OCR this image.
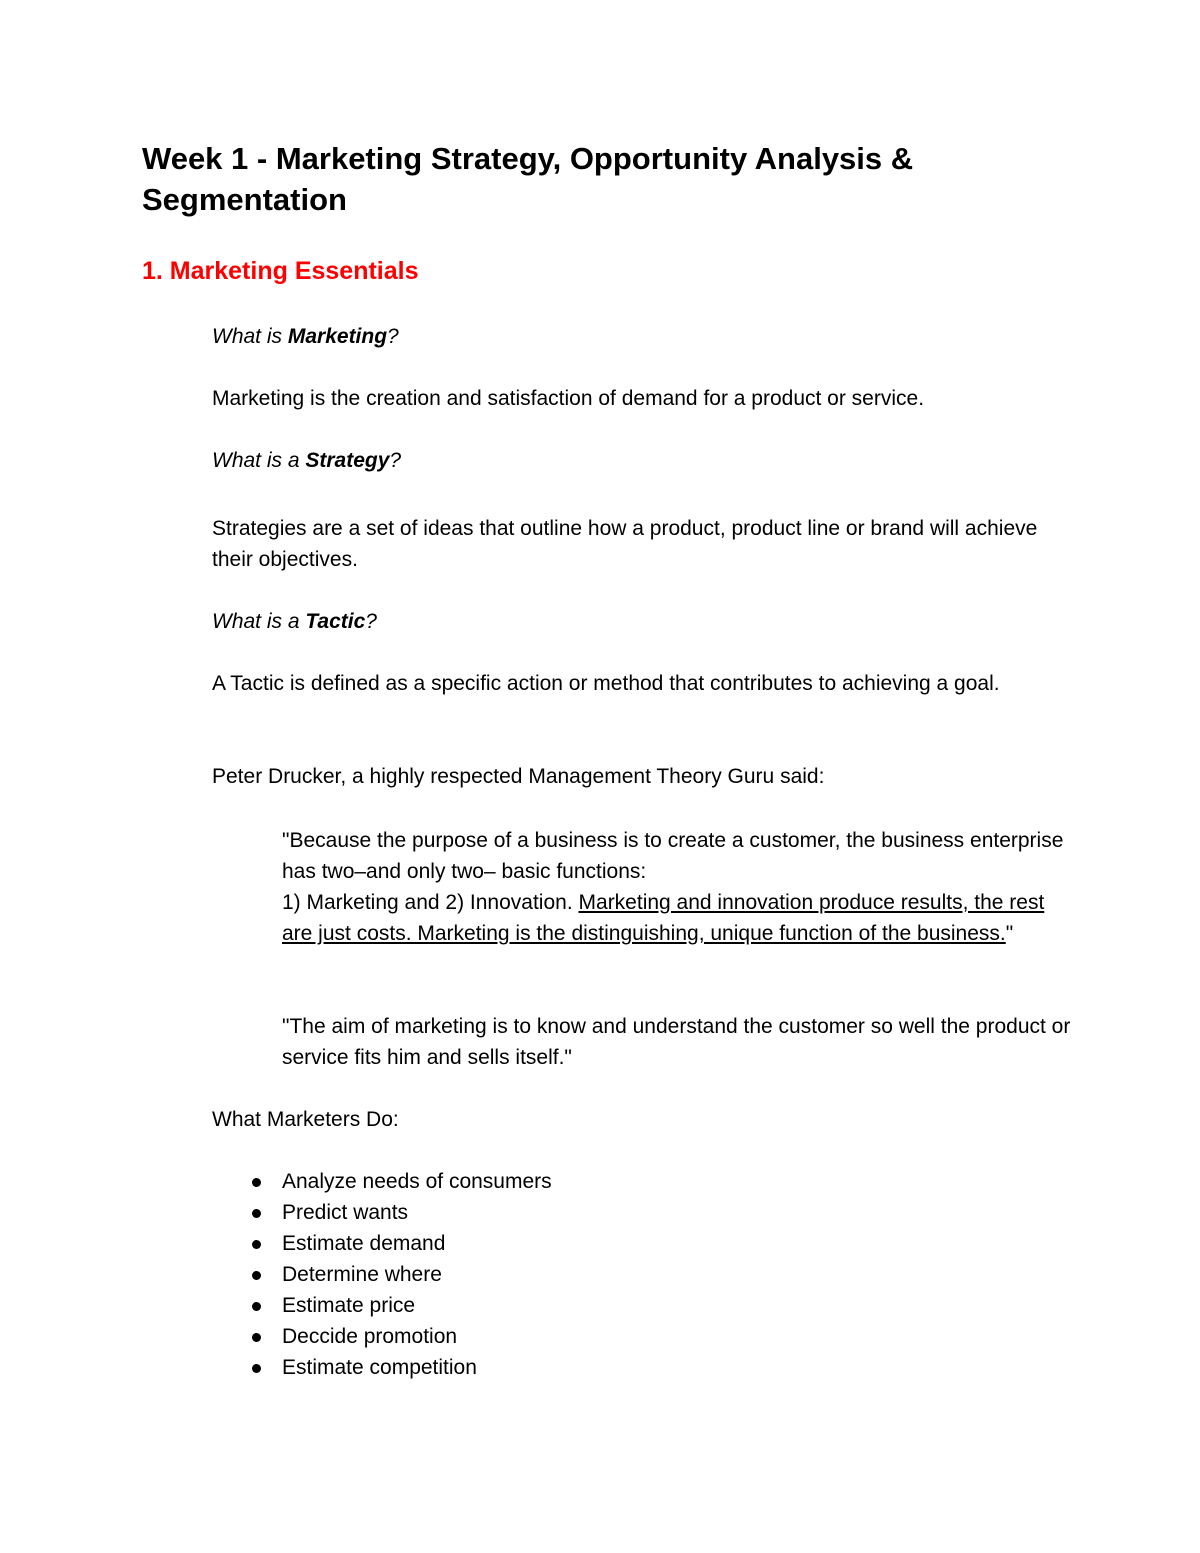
Week 1 - Marketing Strategy, Opportunity Analysis & Segmentation
1. Marketing Essentials

What is Marketing?

Marketing is the creation and satisfaction of demand for a product or service.

What is a Strategy?

Strategies are a set of ideas that outline how a product, product line or brand will achieve their objectives.

What is a Tactic?

A Tactic is defined as a specific action or method that contributes to achieving a goal.

Peter Drucker, a highly respected Management Theory Guru said:

"Because the purpose of a business is to create a customer, the business enterprise has two–and only two– basic functions:
1) Marketing and 2) Innovation. Marketing and innovation produce results, the rest are just costs. Marketing is the distinguishing, unique function of the business."

"The aim of marketing is to know and understand the customer so well the product or service fits him and sells itself."

What Marketers Do:

Analyze needs of consumers
Predict wants
Estimate demand
Determine where
Estimate price
Deccide promotion
Estimate competition
